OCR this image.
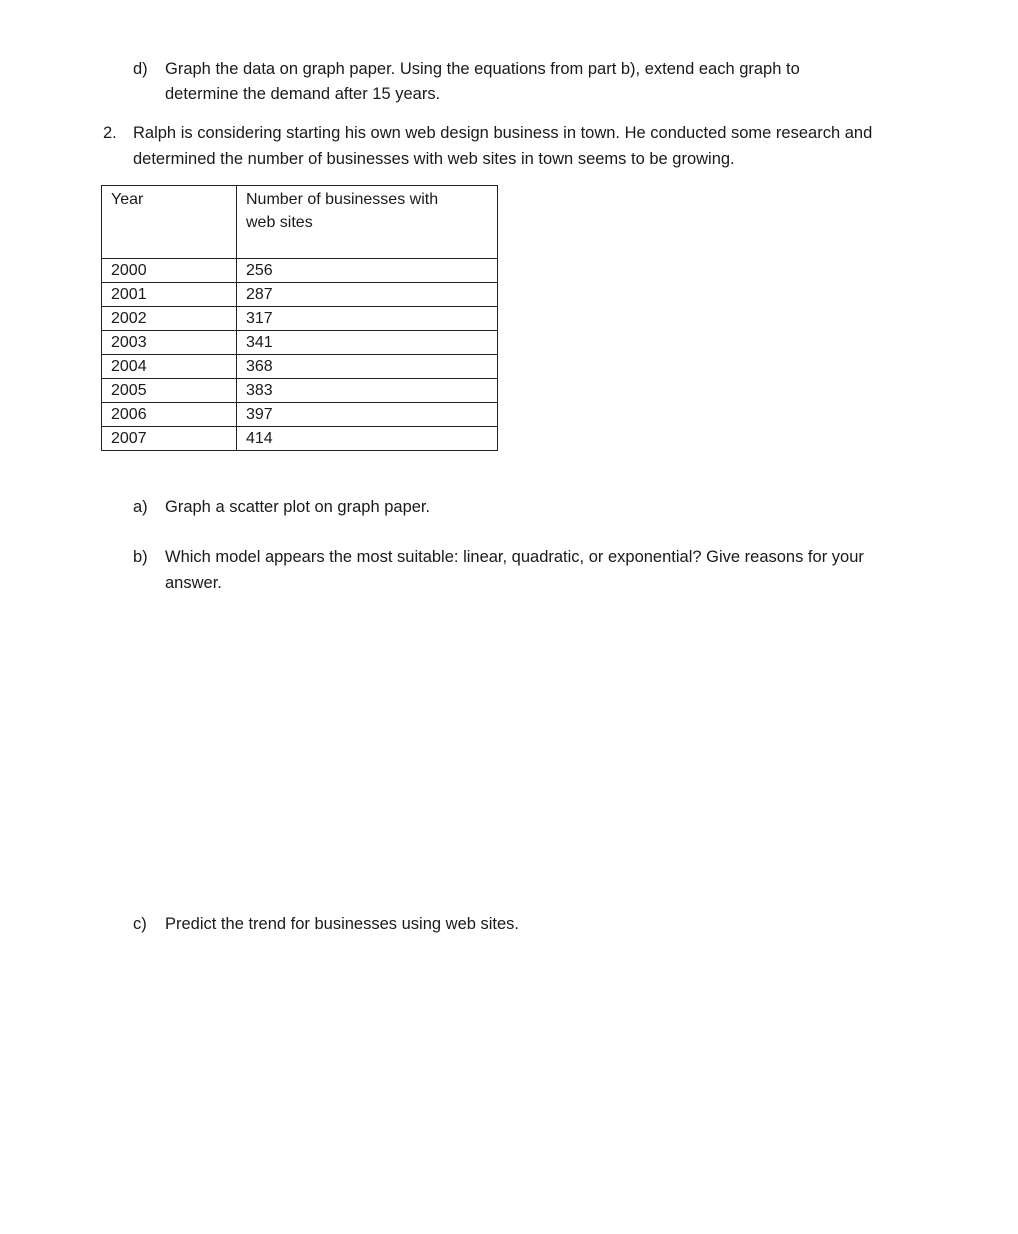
d) Graph the data on graph paper. Using the equations from part b), extend each graph to
determine the demand after 15 years.
2. Ralph is considering starting his own web design business in town. He conducted some research and
determined the number of businesses with web sites in town seems to be growing.
Year	Number of businesses with
web sites

2000	256
2001	287
2002	317
2003	341
2004	368
2005	383
2006	397
2007	414
a) Graph a scatter plot on graph paper.
b) Which model appears the most suitable: linear, quadratic, or exponential? Give reasons for your
answer.
c) Predict the trend for businesses using web sites.
